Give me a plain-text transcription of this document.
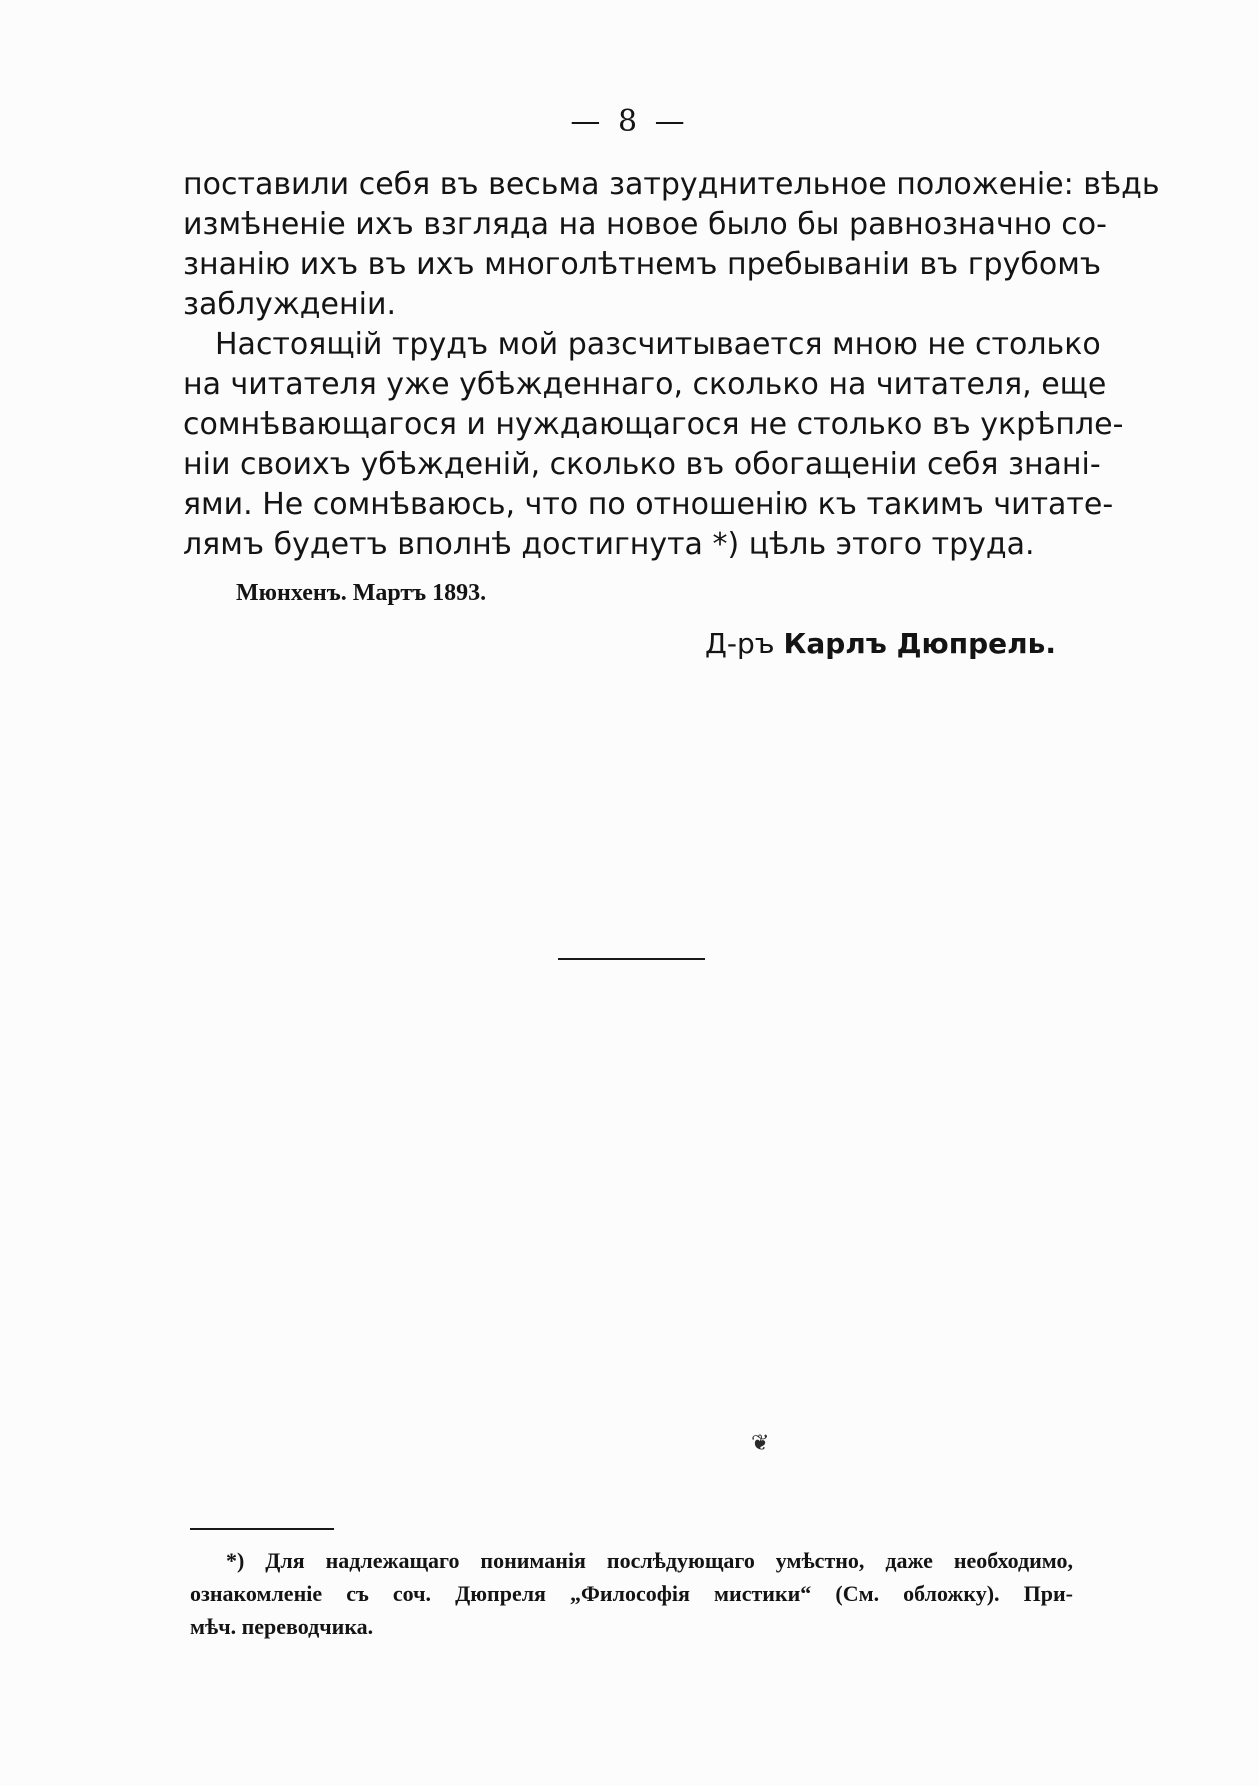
— 8 —
поставили себя въ весьма затруднительное положеніе: вѣдь
измѣненіе ихъ взгляда на новое было бы равнозначно со-
знанію ихъ въ ихъ многолѣтнемъ пребываніи въ грубомъ
заблужденіи.
Настоящій трудъ мой разсчитывается мною не столько
на читателя уже убѣжденнаго, сколько на читателя, еще
сомнѣвающагося и нуждающагося не столько въ укрѣпле-
ніи своихъ убѣжденій, сколько въ обогащеніи себя знані-
ями. Не сомнѣваюсь, что по отношенію къ такимъ читате-
лямъ будетъ вполнѣ достигнута *) цѣль этого труда.
Мюнхенъ. Мартъ 1893.
Д-ръ Карлъ Дюпрель.
❦
*) Для надлежащаго пониманія послѣдующаго умѣстно, даже необходимо,
ознакомленіе съ соч. Дюпреля „Философія мистики“ (См. обложку). При-
мѣч. переводчика.
